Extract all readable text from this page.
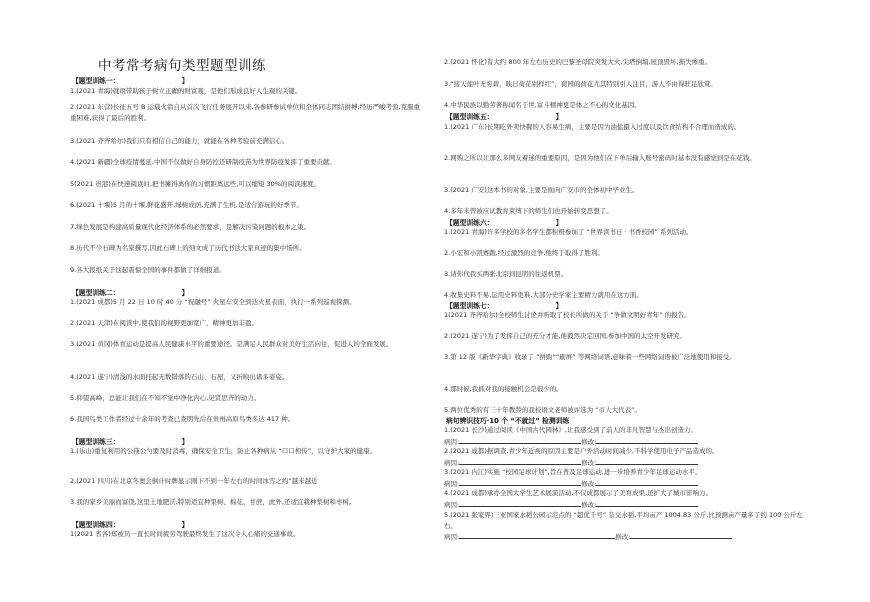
中考常考病句类型题型训练
【题型训练一：	】
1.(2021 青海)就语带助孩子树立正确的财富观，是他们形成良好人生观的关键。
2.(2021 东营)长征五号 B 运载火箭自从首次飞行任务展开以来,各参研参试单位和全体同志团结拼搏,经历严峻考验,克服重重困难,获得了最后的胜利。
3.(2021 齐齐哈尔)我们只有相信自己的能力，就能在各种考验前充满信心。
4.(2021 新疆)全球疫情蔓延,中国不仅做好自身防控还研制疫苗为世界防疫发挥了重要贡献。
5(2021 贵港)在快速阅读时,把书摊得离你的习惯距离远些,可以缩短 30%的阅读速度。
6.(2021 十堰)5 月的十堰,鲜花盛开,绿树成荫,充满了生机,是适合游玩的好季节。
7.绿色发展是构建高质量现代化经济体系的必然要求，是解决污染问题的根本之策。
8.历代不少石碑为名家撰写,因此石碑上的刻文成了历代书法大家真迹的集中场所。
9.各大报纸关于这起震惊全国的事件都做了详细报道。
【题型训练二：	】
1.(2021 成都)5 月 22 日 10 时 40 分 “祝融号” 火星车安全到达火星表面，执行一系列巡视探测。
2.(2021 天津)在阅读中,使我们的视野更加宽广，精神更加丰盈。
3.(2021 黄冈)体育运动是提高人民健康水平的重要途径。是满足人民群众对美好生活向往，促进人的全面发展。
4.(2021 遂宁)清浅的水面托起无数错落的石山、石屋，又折映出诸多姿姿。
5.仰望高峰，总能让我们在不知不觉中净化内心,见贤思齐的动力。
6.我国鸟类工作者经过十余年的考查已查明先后在贵州高原鸟类多达 417 种。
【题型训练三：	】
1.(乐山)重复利用的公筷公勺要及时消毒，确保安全卫生，防止各种病从 “口口相传”，以守护大家的健康。
2.(2021 四川)在北京冬奥会倒计时牌显示刚下不到一年左右的时间冰雪之约”越来越近
3.我的家乡美丽而富饶,这里土地肥沃,特别适宜种果树、棉花、甘蔗，此外,还适宜栽种梨树和枣树。
【题型训练四：	】
1(2021 省各)郑被员一直长时间疲劳驾驶最终发生了这次令人心痛的交通事故。
2.(2021 怀化)有大约 800 年左右历史的巴黎圣母院突发大火,尖塔倒塌,屋顶毁坏,损失惨重。
3.“接天莲叶无穷碧，映日荷花别样红”，荷园的荷花尤其特别引人注目，游人不由得驻足欣赏。
4.中华民族以勤劳著称闻名于世,富斗精神更是体之不心的文化基因。
【题型训练五：	】
1.(2021 广东)长期吃外卖快餐的人容易生病，主要是因为油盐摄入过度以及饮食结构不合理而造成的。
2.网购之所以让那么多网友着迷的重要原因，是因为他们在下单后输入账号密码时基本没有感觉到是在花钱。
3.(2021 广安)这本书的对象,主要是面向广安市的全体初中毕业生。
4.多年来曾被应试教育束缚下的师生们也开始转变思想了。
【题型训练六：	】
1.(2021 青海)许多学校的多名学生都积极参加了 “世界读书日 · 书香校园” 系列活动。
2.小宏和小凯赛跑,经过激烈的竞争,他终于取得了胜利。
3.请你代我买两张北京到昆明的往返机票。
4.收集史料不易,运用史料更难,大部分史学家主要精力就用在这方面。
【题型训练七：	】
1(2021 齐齐哈尔)全校师生讨论并听取了校长所做的关于 “争做文明好青年” 的报告。
2.(2021 遂宁)为了发挥自己的充分才能,他毅然决定回国,参加中国的太空开发研究。
3.第 12 版《新华字典》收录了 “拼购”“刷屏” 等网络词语,意味着一些网络词语被广泛地使用和接受。
4.那时候,我抓对我的接触机会是很少的。
5.两位优秀的有三十年教龄的我校语文老师被评选为 “市人大代表”。
病句辨识技巧·10 个 “不就过” 检测训练
1.(2021 长沙)通过阅读《中国古代园林》,让我感受到了前人的非凡智慧与杰出创造力。
病因:	修改:
2.(2021 成都)据调查,青少年近视的原因主要是户外活动时间减少,不科学使用电子产品造成的。
病因:	修改:
3.(2021 内江)实施 “校园足球计划”,旨在普及足球运动,进一步培养青少年足球运动水平。
病因:	修改:
4.(2021 成都)承办全国大学生艺术展演活动,不仅成都展示了美育成果,还扩大了城市影响力。
病因:	修改:
5.(2021 张家界)三亚国家水稻公园示范点的 “超优千号” 杂交水稻,平均亩产 1004.83 公斤,比预测亩产量多了约 100 公斤左右。
病因:	修改:
